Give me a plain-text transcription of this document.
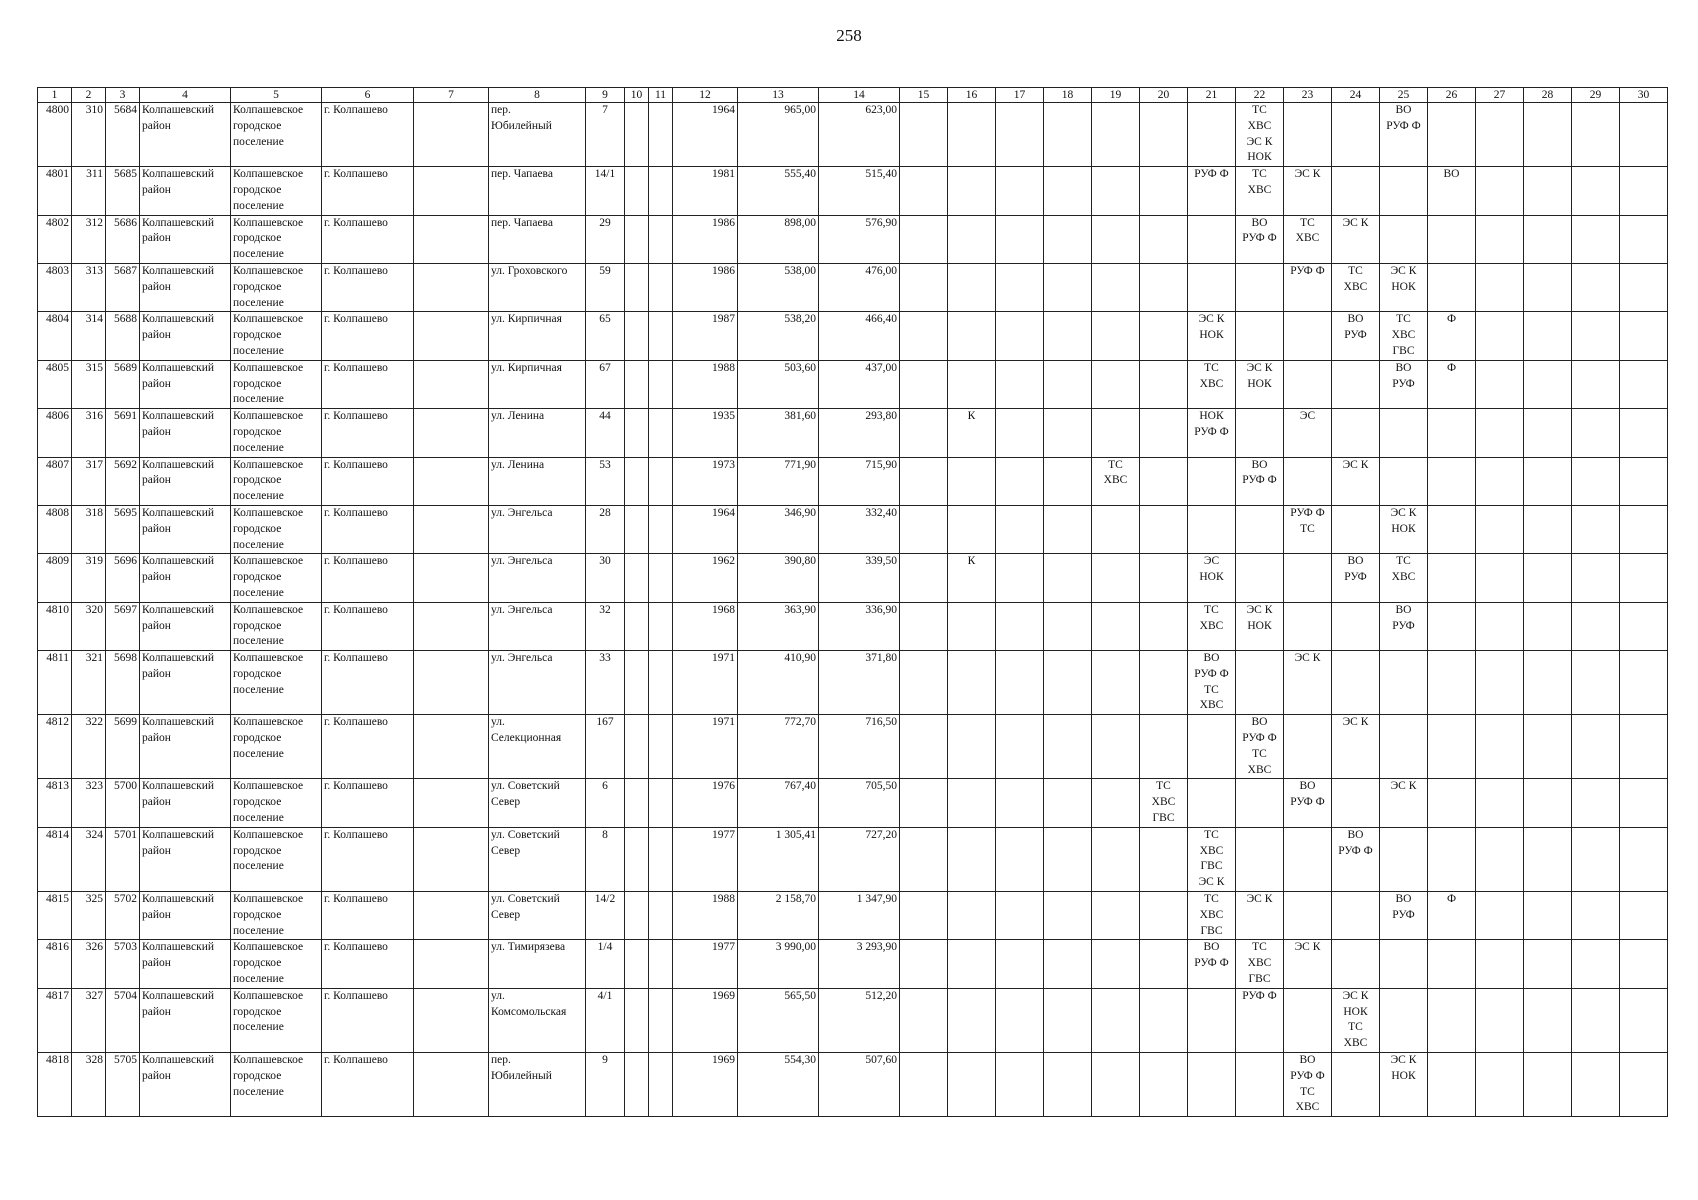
258
1	2	3	4	5	6	7	8	9	10	11	12	13	14	15	16	17	18	19	20	21	22	23	24	25	26	27	28	29	30
4800	310	5684	Колпашевский
район	Колпашевское
городское
поселение	г. Колпашево		пер.
Юбилейный	7			1964	965,00	623,00								ТС
ХВС
ЭС К
НОК			ВО
РУФ Ф					

4801	311	5685	Колпашевский
район	Колпашевское
городское
поселение	г. Колпашево		пер. Чапаева	14/1			1981	555,40	515,40							РУФ Ф	ТС
ХВС	ЭС К			ВО				

4802	312	5686	Колпашевский
район	Колпашевское
городское
поселение	г. Колпашево		пер. Чапаева	29			1986	898,00	576,90								ВО
РУФ Ф	ТС
ХВС	ЭС К						

4803	313	5687	Колпашевский
район	Колпашевское
городское
поселение	г. Колпашево		ул. Гроховского	59			1986	538,00	476,00									РУФ Ф	ТС
ХВС	ЭС К
НОК					

4804	314	5688	Колпашевский
район	Колпашевское
городское
поселение	г. Колпашево		ул. Кирпичная	65			1987	538,20	466,40							ЭС К
НОК			ВО
РУФ	ТС
ХВС
ГВС	Ф				

4805	315	5689	Колпашевский
район	Колпашевское
городское
поселение	г. Колпашево		ул. Кирпичная	67			1988	503,60	437,00							ТС
ХВС	ЭС К
НОК			ВО
РУФ	Ф				

4806	316	5691	Колпашевский
район	Колпашевское
городское
поселение	г. Колпашево		ул. Ленина	44			1935	381,60	293,80		К					НОК
РУФ Ф		ЭС							

4807	317	5692	Колпашевский
район	Колпашевское
городское
поселение	г. Колпашево		ул. Ленина	53			1973	771,90	715,90					ТС
ХВС			ВО
РУФ Ф		ЭС К						

4808	318	5695	Колпашевский
район	Колпашевское
городское
поселение	г. Колпашево		ул. Энгельса	28			1964	346,90	332,40									РУФ Ф
ТС		ЭС К
НОК					

4809	319	5696	Колпашевский
район	Колпашевское
городское
поселение	г. Колпашево		ул. Энгельса	30			1962	390,80	339,50		К					ЭС
НОК			ВО
РУФ	ТС
ХВС					

4810	320	5697	Колпашевский
район	Колпашевское
городское
поселение	г. Колпашево		ул. Энгельса	32			1968	363,90	336,90							ТС
ХВС	ЭС К
НОК			ВО
РУФ					

4811	321	5698	Колпашевский
район	Колпашевское
городское
поселение	г. Колпашево		ул. Энгельса	33			1971	410,90	371,80							ВО
РУФ Ф
ТС
ХВС		ЭС К							

4812	322	5699	Колпашевский
район	Колпашевское
городское
поселение	г. Колпашево		ул.
Селекционная	167			1971	772,70	716,50								ВО
РУФ Ф
ТС
ХВС		ЭС К						

4813	323	5700	Колпашевский
район	Колпашевское
городское
поселение	г. Колпашево		ул. Советский
Север	6			1976	767,40	705,50						ТС
ХВС
ГВС			ВО
РУФ Ф		ЭС К					

4814	324	5701	Колпашевский
район	Колпашевское
городское
поселение	г. Колпашево		ул. Советский
Север	8			1977	1 305,41	727,20							ТС
ХВС
ГВС
ЭС К			ВО
РУФ Ф						

4815	325	5702	Колпашевский
район	Колпашевское
городское
поселение	г. Колпашево		ул. Советский
Север	14/2			1988	2 158,70	1 347,90							ТС
ХВС
ГВС	ЭС К			ВО
РУФ	Ф				

4816	326	5703	Колпашевский
район	Колпашевское
городское
поселение	г. Колпашево		ул. Тимирязева	1/4			1977	3 990,00	3 293,90							ВО
РУФ Ф	ТС
ХВС
ГВС	ЭС К							

4817	327	5704	Колпашевский
район	Колпашевское
городское
поселение	г. Колпашево		ул.
Комсомольская	4/1			1969	565,50	512,20								РУФ Ф		ЭС К
НОК
ТС
ХВС						

4818	328	5705	Колпашевский
район	Колпашевское
городское
поселение	г. Колпашево		пер.
Юбилейный	9			1969	554,30	507,60									ВО
РУФ Ф
ТС
ХВС		ЭС К
НОК					
